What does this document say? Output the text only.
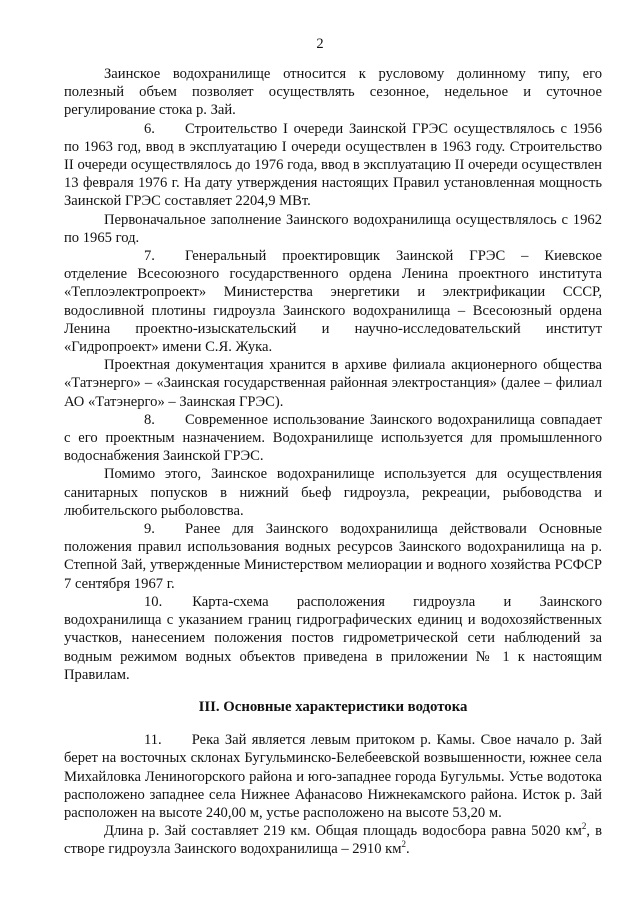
2

Заинское водохранилище относится к русловому долинному типу, его полезный объем позволяет осуществлять сезонное, недельное и суточное регулирование стока р. Зай.

6. Строительство I очереди Заинской ГРЭС осуществлялось с 1956 по 1963 год, ввод в эксплуатацию I очереди осуществлен в 1963 году. Строительство II очереди осуществлялось до 1976 года, ввод в эксплуатацию II очереди осуществлен 13 февраля 1976 г. На дату утверждения настоящих Правил установленная мощность Заинской ГРЭС составляет 2204,9 МВт.

Первоначальное заполнение Заинского водохранилища осуществлялось с 1962 по 1965 год.

7. Генеральный проектировщик Заинской ГРЭС – Киевское отделение Всесоюзного государственного ордена Ленина проектного института «Теплоэлектропроект» Министерства энергетики и электрификации СССР, водосливной плотины гидроузла Заинского водохранилища – Всесоюзный ордена Ленина проектно-изыскательский и научно-исследовательский институт «Гидропроект» имени С.Я. Жука.

Проектная документация хранится в архиве филиала акционерного общества «Татэнерго» – «Заинская государственная районная электростанция» (далее – филиал АО «Татэнерго» – Заинская ГРЭС).

8. Современное использование Заинского водохранилища совпадает с его проектным назначением. Водохранилище используется для промышленного водоснабжения Заинской ГРЭС.

Помимо этого, Заинское водохранилище используется для осуществления санитарных попусков в нижний бьеф гидроузла, рекреации, рыбоводства и любительского рыболовства.

9. Ранее для Заинского водохранилища действовали Основные положения правил использования водных ресурсов Заинского водохранилища на р. Степной Зай, утвержденные Министерством мелиорации и водного хозяйства РСФСР 7 сентября 1967 г.

10. Карта-схема расположения гидроузла и Заинского водохранилища с указанием границ гидрографических единиц и водохозяйственных участков, нанесением положения постов гидрометрической сети наблюдений за водным режимом водных объектов приведена в приложении № 1 к настоящим Правилам.

III. Основные характеристики водотока

11. Река Зай является левым притоком р. Камы. Свое начало р. Зай берет на восточных склонах Бугульминско-Белебеевской возвышенности, южнее села Михайловка Лениногорского района и юго-западнее города Бугульмы. Устье водотока расположено западнее села Нижнее Афанасово Нижнекамского района. Исток р. Зай расположен на высоте 240,00 м, устье расположено на высоте 53,20 м.

Длина р. Зай составляет 219 км. Общая площадь водосбора равна 5020 $км^2$, в створе гидроузла Заинского водохранилища – 2910 $км^2$.
